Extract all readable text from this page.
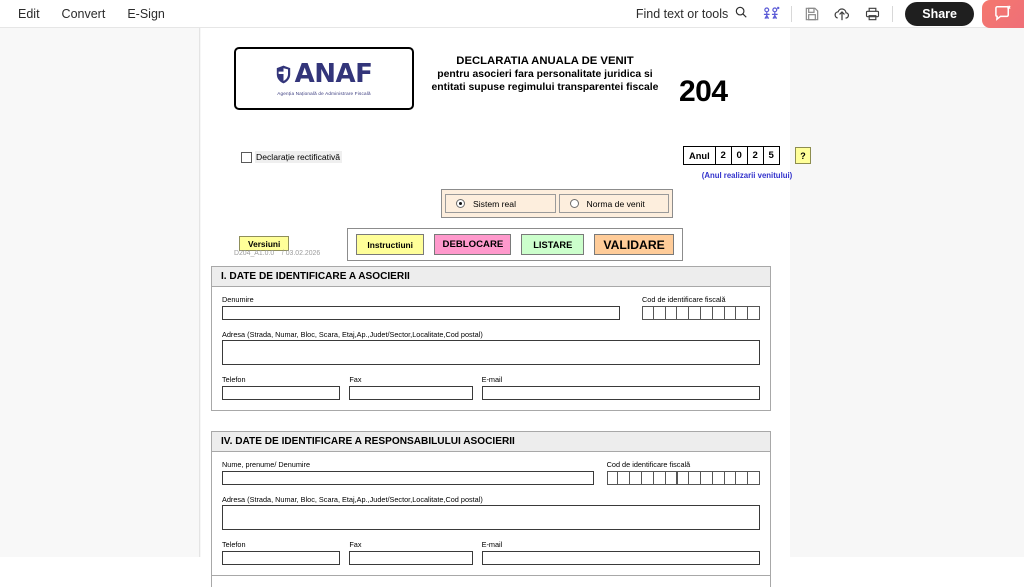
Edit	Convert	E-Sign	Find text or tools	Share
ANAF
Agenția Națională de Administrare Fiscală
DECLARATIA ANUALA DE VENIT
pentru asocieri fara personalitate juridica si entitati supuse regimului transparentei fiscale 204
Declarație rectificativă	Anul	2	0	2	5	?
(Anul realizarii venitului)
Sistem real	Norma de venit
Versiuni
D204_A1.0.0    / 03.02.2026
Instructiuni	DEBLOCARE	LISTARE	VALIDARE
I. DATE DE IDENTIFICARE A ASOCIERII
Denumire	Cod de identificare fiscală
Adresa (Strada, Numar, Bloc, Scara, Etaj,Ap.,Judet/Sector,Localitate,Cod postal)
Telefon	Fax	E-mail
IV. DATE DE IDENTIFICARE A RESPONSABILULUI ASOCIERII
Nume, prenume/ Denumire	Cod de identificare fiscală
Adresa (Strada, Numar, Bloc, Scara, Etaj,Ap.,Judet/Sector,Localitate,Cod postal)
Telefon	Fax	E-mail
